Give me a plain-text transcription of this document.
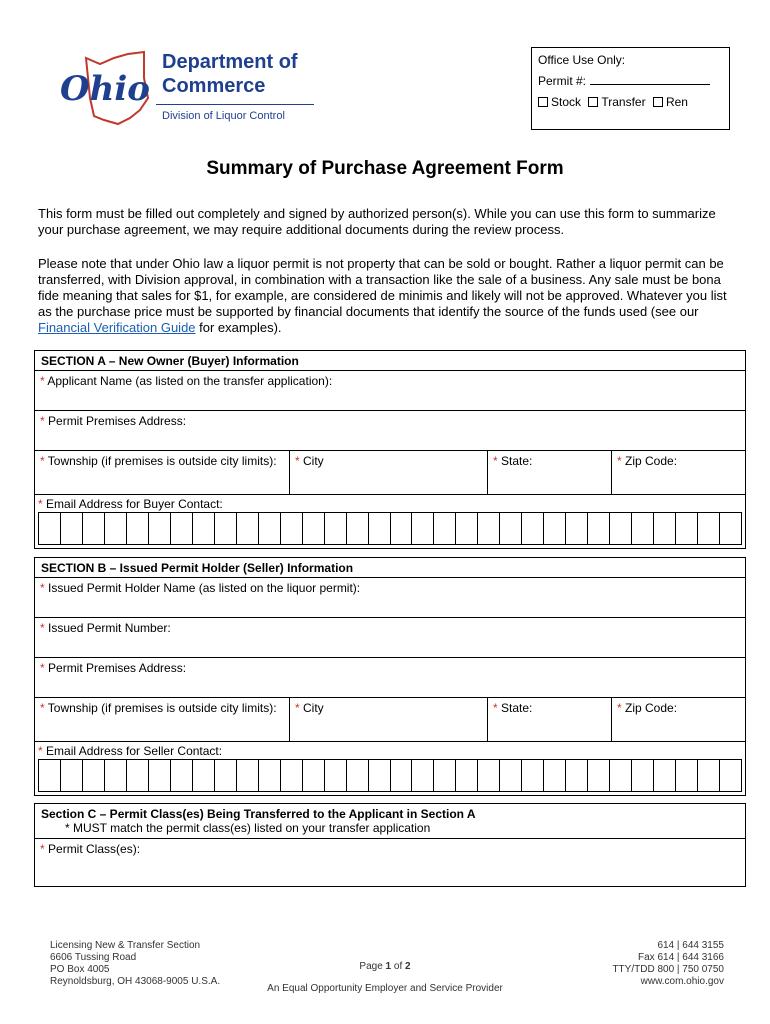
Ohio
Department of
Commerce
Division of Liquor Control
Office Use Only:
Permit #:
Stock Transfer Ren
Summary of Purchase Agreement Form
This form must be filled out completely and signed by authorized person(s). While you can use this form to summarize your purchase agreement, we may require additional documents during the review process.
Please note that under Ohio law a liquor permit is not property that can be sold or bought. Rather a liquor permit can be transferred, with Division approval, in combination with a transaction like the sale of a business. Any sale must be bona fide meaning that sales for $1, for example, are considered de minimis and likely will not be approved. Whatever you list as the purchase price must be supported by financial documents that identify the source of the funds used (see our Financial Verification Guide for examples).
SECTION A – New Owner (Buyer) Information
* Applicant Name (as listed on the transfer application):
* Permit Premises Address:
* Township (if premises is outside city limits):	* City	* State:	* Zip Code:
* Email Address for Buyer Contact:
SECTION B – Issued Permit Holder (Seller) Information
* Issued Permit Holder Name (as listed on the liquor permit):
* Issued Permit Number:
* Permit Premises Address:
* Township (if premises is outside city limits):	* City	* State:	* Zip Code:
* Email Address for Seller Contact:
Section C – Permit Class(es) Being Transferred to the Applicant in Section A
* MUST match the permit class(es) listed on your transfer application
* Permit Class(es):
Licensing New & Transfer Section
6606 Tussing Road
PO Box 4005
Reynoldsburg, OH 43068-9005 U.S.A.
Page 1 of 2
An Equal Opportunity Employer and Service Provider
614 | 644 3155
Fax 614 | 644 3166
TTY/TDD 800 | 750 0750
www.com.ohio.gov
